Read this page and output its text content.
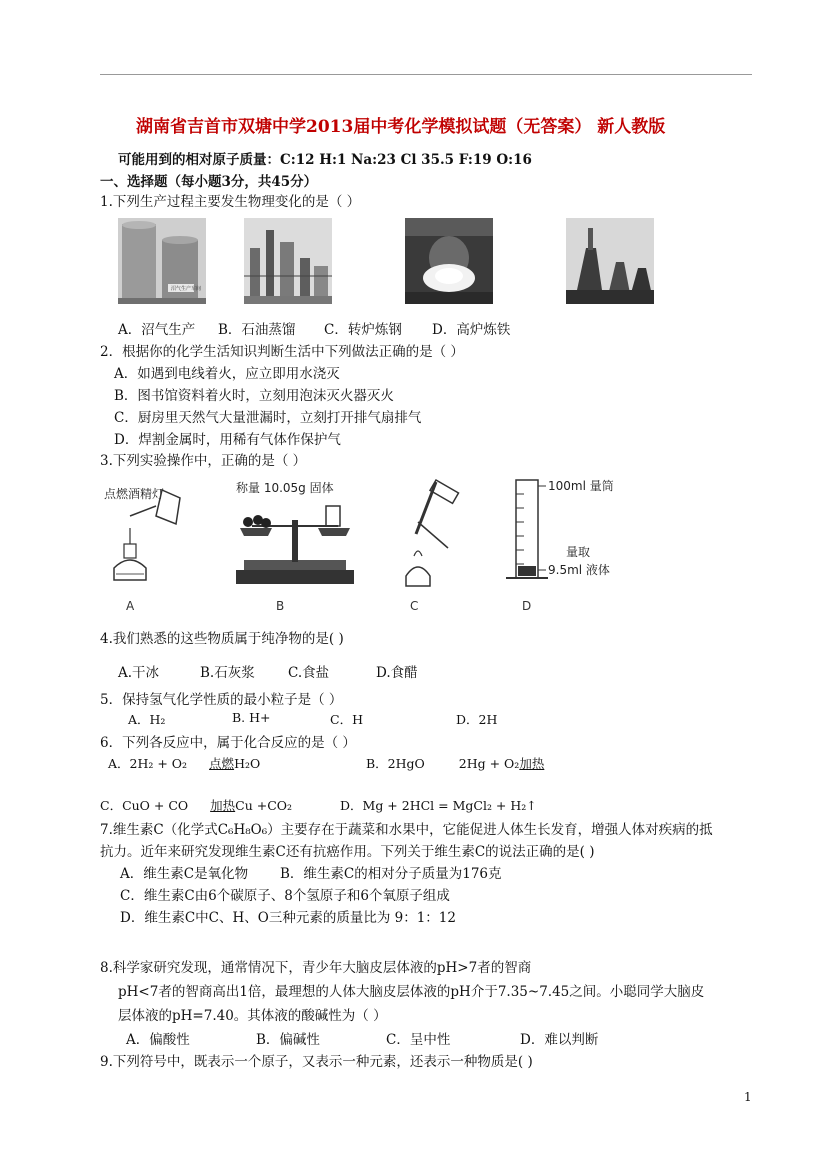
湖南省吉首市双塘中学2013届中考化学模拟试题（无答案） 新人教版
可能用到的相对原子质量：C:12 H:1 Na:23 Cl 35.5 F:19 O:16
一、选择题（每小题3分，共45分）
1.下列生产过程主要发生物理变化的是（ ）
沼气生产车间
A．沼气生产 B．石油蒸馏 C．转炉炼钢 D．高炉炼铁
2．根据你的化学生活知识判断生活中下列做法正确的是（ ）
A．如遇到电线着火，应立即用水浇灭
B．图书馆资料着火时，立刻用泡沫灭火器灭火
C．厨房里天然气大量泄漏时，立刻打开排气扇排气
D．焊割金属时，用稀有气体作保护气
3.下列实验操作中，正确的是（ ）
点燃酒精灯
A
称量 10.05g 固体
B	C
100ml 量筒
量取
9.5ml 液体
D
4.我们熟悉的这些物质属于纯净物的是( )
A.干冰	B.石灰浆 C.食盐	D.食醋
5．保持氢气化学性质的最小粒子是（ ）
A．H₂	B. H+	C．H	D．2H
6．下列各反应中，属于化合反应的是（ ）
A．2H₂ + O₂ 点燃H₂O	B．2HgO	2Hg + O₂加热
C．CuO + CO 加热Cu +CO₂	D．Mg + 2HCl = MgCl₂ + H₂↑
7.维生素C（化学式C₆H₈O₆）主要存在于蔬菜和水果中，它能促进人体生长发育，增强人体对疾病的抵
抗力。近年来研究发现维生素C还有抗癌作用。下列关于维生素C的说法正确的是( )
A．维生素C是氧化物 B．维生素C的相对分子质量为176克
C．维生素C由6个碳原子、8个氢原子和6个氧原子组成
D．维生素C中C、H、O三种元素的质量比为 9：1：12
8.科学家研究发现，通常情况下，青少年大脑皮层体液的pH>7者的智商
pH<7者的智商高出1倍，最理想的人体大脑皮层体液的pH介于7.35~7.45之间。小聪同学大脑皮
层体液的pH=7.40。其体液的酸碱性为（ ）
A．偏酸性	B．偏碱性	C．呈中性	D．难以判断
9.下列符号中，既表示一个原子，又表示一种元素，还表示一种物质是( )
1
